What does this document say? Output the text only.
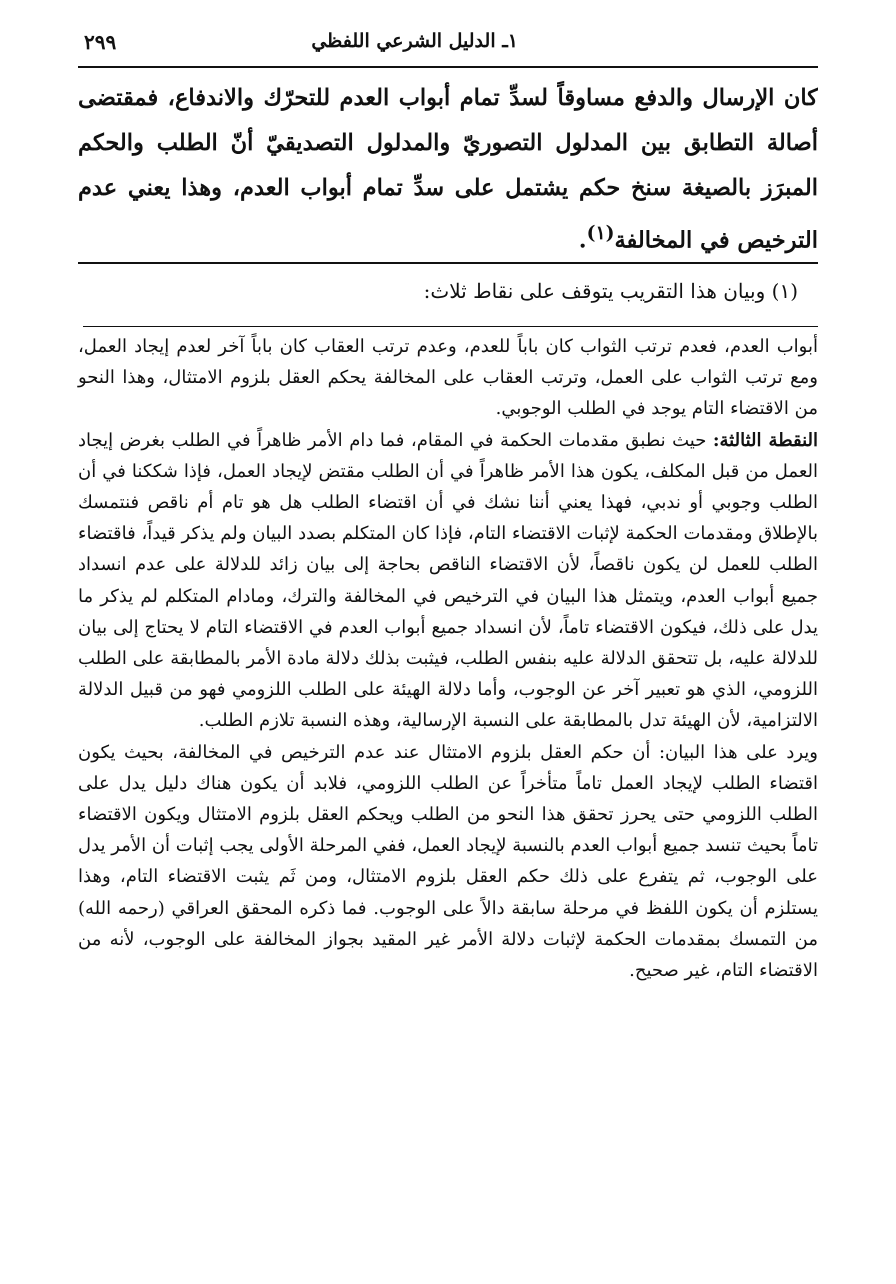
١ـ الدليل الشرعي اللفظي
٢٩٩
كان الإرسال والدفع مساوقاً لسدِّ تمام أبواب العدم للتحرّك والاندفاع، فمقتضى أصالة التطابق بين المدلول التصوريّ والمدلول التصديقيّ أنّ الطلب والحكم المبرَز بالصيغة سنخ حكم يشتمل على سدِّ تمام أبواب العدم، وهذا يعني عدم الترخيص في المخالفة$^{(١)}$.
(١) وبيان هذا التقريب يتوقف على نقاط ثلاث:

أبواب العدم، فعدم ترتب الثواب كان باباً للعدم، وعدم ترتب العقاب كان باباً آخر لعدم إيجاد العمل، ومع ترتب الثواب على العمل، وترتب العقاب على المخالفة يحكم العقل بلزوم الامتثال، وهذا النحو من الاقتضاء التام يوجد في الطلب الوجوبي.

النقطة الثالثة: حيث نطبق مقدمات الحكمة في المقام، فما دام الأمر ظاهراً في الطلب بغرض إيجاد العمل من قبل المكلف، يكون هذا الأمر ظاهراً في أن الطلب مقتض لإيجاد العمل، فإذا شككنا في أن الطلب وجوبي أو ندبي، فهذا يعني أننا نشك في أن اقتضاء الطلب هل هو تام أم ناقص فنتمسك بالإطلاق ومقدمات الحكمة لإثبات الاقتضاء التام، فإذا كان المتكلم بصدد البيان ولم يذكر قيداً، فاقتضاء الطلب للعمل لن يكون ناقصاً، لأن الاقتضاء الناقص بحاجة إلى بيان زائد للدلالة على عدم انسداد جميع أبواب العدم، ويتمثل هذا البيان في الترخيص في المخالفة والترك، ومادام المتكلم لم يذكر ما يدل على ذلك، فيكون الاقتضاء تاماً، لأن انسداد جميع أبواب العدم في الاقتضاء التام لا يحتاج إلى بيان للدلالة عليه، بل تتحقق الدلالة عليه بنفس الطلب، فيثبت بذلك دلالة مادة الأمر بالمطابقة على الطلب اللزومي، الذي هو تعبير آخر عن الوجوب، وأما دلالة الهيئة على الطلب اللزومي فهو من قبيل الدلالة الالتزامية، لأن الهيئة تدل بالمطابقة على النسبة الإرسالية، وهذه النسبة تلازم الطلب.

ويرد على هذا البيان: أن حكم العقل بلزوم الامتثال عند عدم الترخيص في المخالفة، بحيث يكون اقتضاء الطلب لإيجاد العمل تاماً متأخراً عن الطلب اللزومي، فلابد أن يكون هناك دليل يدل على الطلب اللزومي حتى يحرز تحقق هذا النحو من الطلب ويحكم العقل بلزوم الامتثال ويكون الاقتضاء تاماً بحيث تنسد جميع أبواب العدم بالنسبة لإيجاد العمل، ففي المرحلة الأولى يجب إثبات أن الأمر يدل على الوجوب، ثم يتفرع على ذلك حكم العقل بلزوم الامتثال، ومن ثَم يثبت الاقتضاء التام، وهذا يستلزم أن يكون اللفظ في مرحلة سابقة دالاً على الوجوب. فما ذكره المحقق العراقي (رحمه الله) من التمسك بمقدمات الحكمة لإثبات دلالة الأمر غير المقيد بجواز المخالفة على الوجوب، لأنه من الاقتضاء التام، غير صحيح.
